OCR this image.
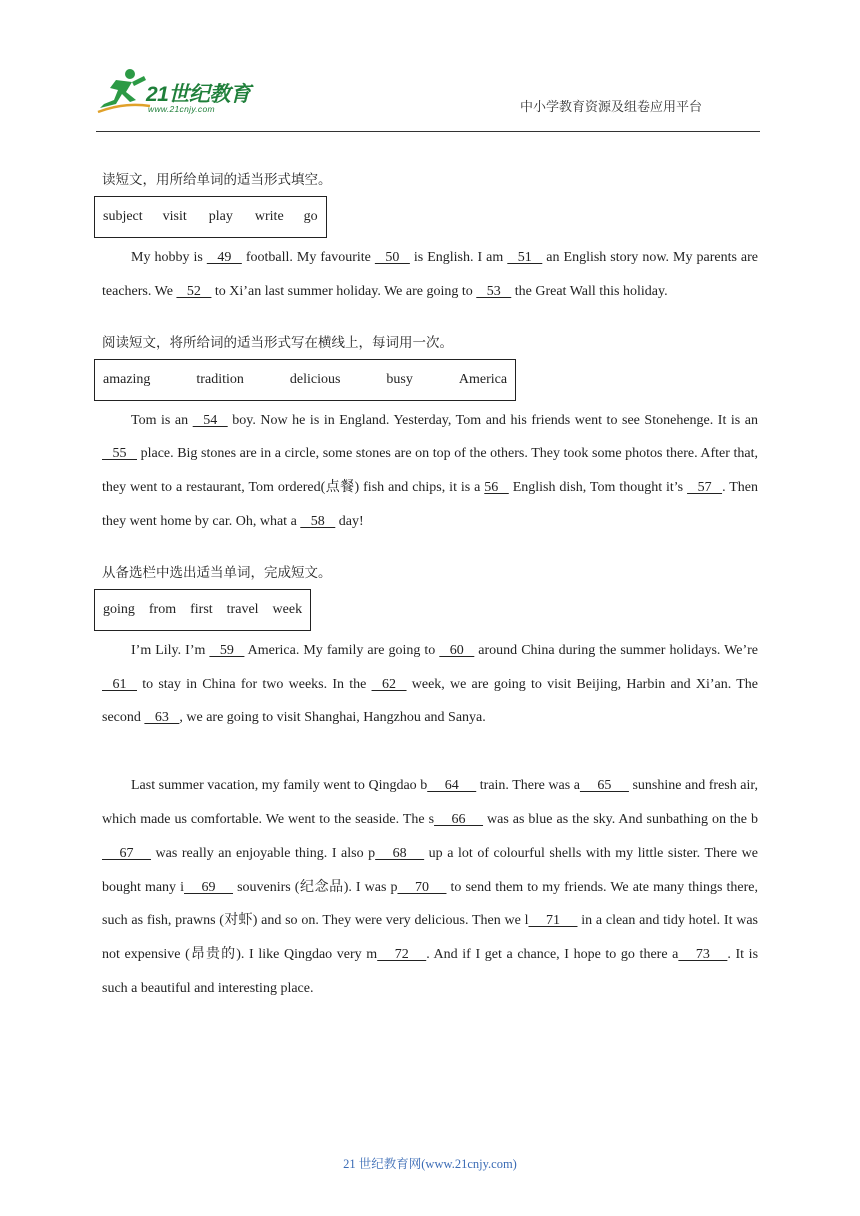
21世纪教育
www.21cnjy.com	中小学教育资源及组卷应用平台
读短文，用所给单词的适当形式填空。
subject visit play write go
My hobby is    49    football. My favourite    50    is English. I am    51    an English story now. My parents are teachers. We    52    to Xi’an last summer holiday. We are going to    53    the Great Wall this holiday.
阅读短文，将所给词的适当形式写在横线上，每词用一次。
amazing	tradition	delicious	busy	America
Tom is an    54    boy. Now he is in England. Yesterday, Tom and his friends went to see Stonehenge. It is an    55    place. Big stones are in a circle, some stones are on top of the others. They took some photos there. After that, they went to a restaurant, Tom ordered(点餐) fish and chips, it is a 56    English dish, Tom thought it’s    57   . Then they went home by car. Oh, what a    58    day!
从备选栏中选出适当单词，完成短文。
going from first travel week
I’m Lily. I’m    59    America. My family are going to    60    around China during the summer holidays. We’re    61    to stay in China for two weeks. In the    62    week, we are going to visit Beijing, Harbin and Xi’an. The second    63   , we are going to visit Shanghai, Hangzhou and Sanya.
Last summer vacation, my family went to Qingdao b     64      train. There was a     65      sunshine and fresh air, which made us comfortable. We went to the seaside. The s     66      was as blue as the sky. And sunbathing on the b     67      was really an enjoyable thing. I also p     68      up a lot of colourful shells with my little sister. There we bought many i     69      souvenirs (纪念品). I was p     70      to send them to my friends. We ate many things there, such as fish, prawns (对虾) and so on. They were very delicious. Then we l     71      in a clean and tidy hotel. It was not expensive (昂贵的). I like Qingdao very m     72     . And if I get a chance, I hope to go there a     73     . It is such a beautiful and interesting place.
21 世纪教育网(www.21cnjy.com)
